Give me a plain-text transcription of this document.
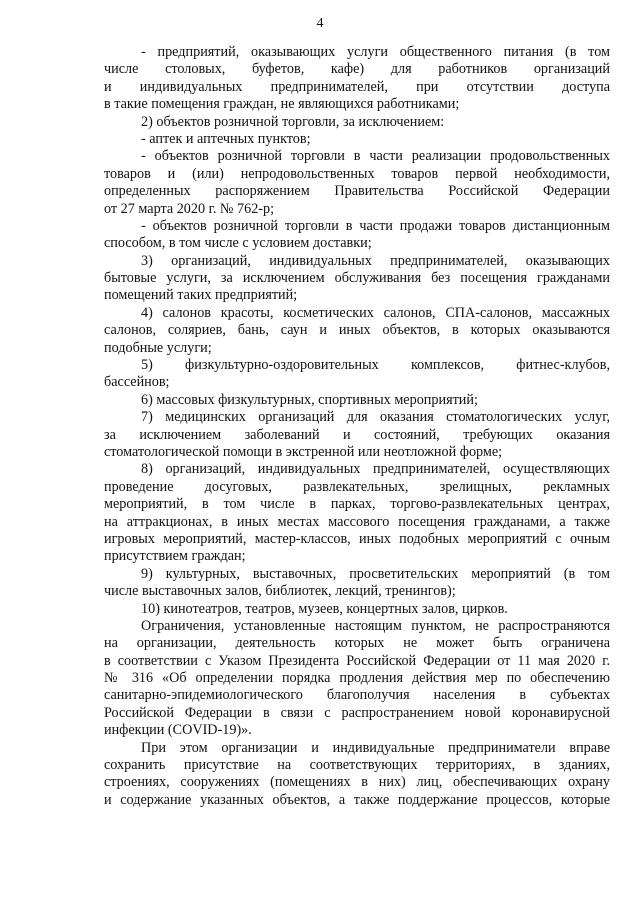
4
- предприятий, оказывающих услуги общественного питания (в том
числе столовых, буфетов, кафе) для работников организаций
и индивидуальных предпринимателей, при отсутствии доступа
в такие помещения граждан, не являющихся работниками;
2) объектов розничной торговли, за исключением:
- аптек и аптечных пунктов;
- объектов розничной торговли в части реализации продовольственных
товаров и (или) непродовольственных товаров первой необходимости,
определенных распоряжением Правительства Российской Федерации
от 27 марта 2020 г. № 762-р;
- объектов розничной торговли в части продажи товаров дистанционным
способом, в том числе с условием доставки;
3) организаций, индивидуальных предпринимателей, оказывающих
бытовые услуги, за исключением обслуживания без посещения гражданами
помещений таких предприятий;
4) салонов красоты, косметических салонов, СПА-салонов, массажных
салонов, соляриев, бань, саун и иных объектов, в которых оказываются
подобные услуги;
5) физкультурно-оздоровительных комплексов, фитнес-клубов,
бассейнов;
6) массовых физкультурных, спортивных мероприятий;
7) медицинских организаций для оказания стоматологических услуг,
за исключением заболеваний и состояний, требующих оказания
стоматологической помощи в экстренной или неотложной форме;
8) организаций, индивидуальных предпринимателей, осуществляющих
проведение досуговых, развлекательных, зрелищных, рекламных
мероприятий, в том числе в парках, торгово-развлекательных центрах,
на аттракционах, в иных местах массового посещения гражданами, а также
игровых мероприятий, мастер-классов, иных подобных мероприятий с очным
присутствием граждан;
9) культурных, выставочных, просветительских мероприятий (в том
числе выставочных залов, библиотек, лекций, тренингов);
10) кинотеатров, театров, музеев, концертных залов, цирков.
Ограничения, установленные настоящим пунктом, не распространяются
на организации, деятельность которых не может быть ограничена
в соответствии с Указом Президента Российской Федерации от 11 мая 2020 г.
№ 316 «Об определении порядка продления действия мер по обеспечению
санитарно-эпидемиологического благополучия населения в субъектах
Российской Федерации в связи с распространением новой коронавирусной
инфекции (COVID-19)».
При этом организации и индивидуальные предприниматели вправе
сохранить присутствие на соответствующих территориях, в зданиях,
строениях, сооружениях (помещениях в них) лиц, обеспечивающих охрану
и содержание указанных объектов, а также поддержание процессов, которые
